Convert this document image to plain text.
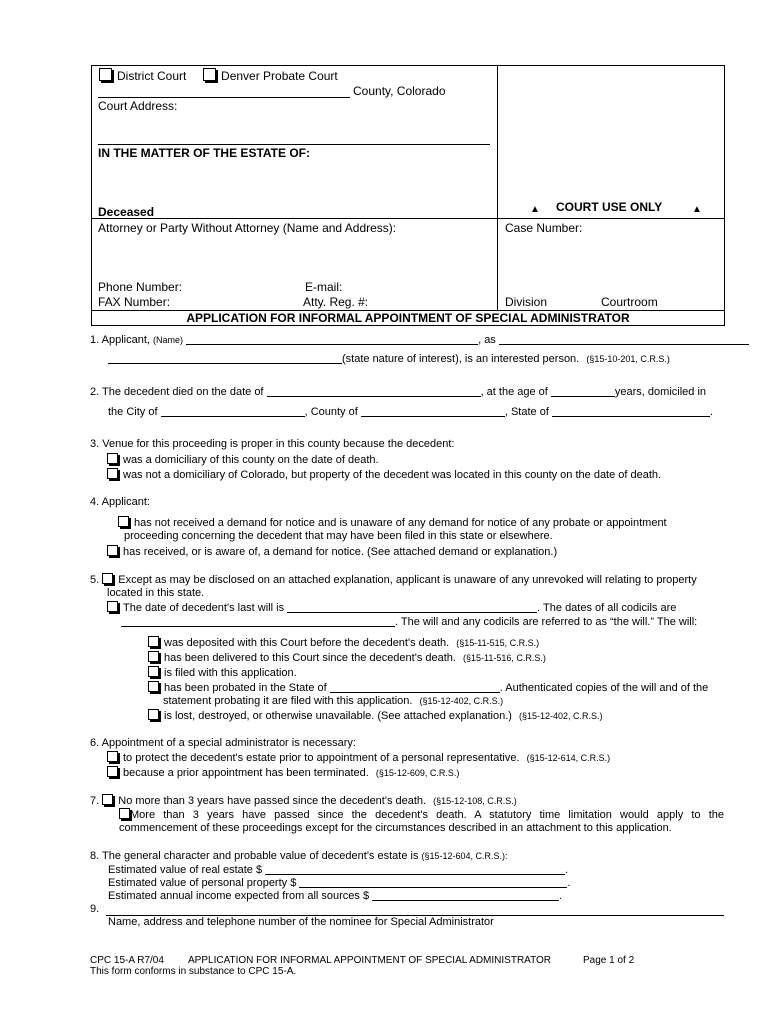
District Court	Denver Probate Court
County, Colorado
Court Address:
IN THE MATTER OF THE ESTATE OF:
Deceased	▲ COURT USE ONLY	▲
Attorney or Party Without Attorney (Name and Address):
Phone Number:	E-mail:
FAX Number:	Atty. Reg. #:
Case Number:
Division	Courtroom
APPLICATION FOR INFORMAL APPOINTMENT OF SPECIAL ADMINISTRATOR
1. Applicant, (Name)	, as
(state nature of interest), is an interested person. (§15-10-201, C.R.S.)
2. The decedent died on the date of	, at the age of	years, domiciled in
the City of	, County of	, State of	.
3. Venue for this proceeding is proper in this county because the decedent:
was a domiciliary of this county on the date of death.
was not a domiciliary of Colorado, but property of the decedent was located in this county on the date of death.
4. Applicant:
has not received a demand for notice and is unaware of any demand for notice of any probate or appointment
proceeding concerning the decedent that may have been filed in this state or elsewhere.
has received, or is aware of, a demand for notice. (See attached demand or explanation.)
5. Except as may be disclosed on an attached explanation, applicant is unaware of any unrevoked will relating to property
located in this state.
The date of decedent's last will is	. The dates of all codicils are
. The will and any codicils are referred to as “the will.” The will:
was deposited with this Court before the decedent's death. (§15-11-515, C.R.S.)
has been delivered to this Court since the decedent's death. (§15-11-516, C.R.S.)
is filed with this application.
has been probated in the State of	. Authenticated copies of the will and of the
statement probating it are filed with this application. (§15-12-402, C.R.S.)
is lost, destroyed, or otherwise unavailable. (See attached explanation.) (§15-12-402, C.R.S.)
6. Appointment of a special administrator is necessary:
to protect the decedent's estate prior to appointment of a personal representative. (§15-12-614, C.R.S.)
because a prior appointment has been terminated. (§15-12-609, C.R.S.)
7. No more than 3 years have passed since the decedent's death. (§15-12-108, C.R.S.)
More than 3 years have passed since the decedent's death. A statutory time limitation would apply to the
commencement of these proceedings except for the circumstances described in an attachment to this application.
8. The general character and probable value of decedent's estate is (§15-12-604, C.R.S.):
Estimated value of real estate $	.
Estimated value of personal property $	.
Estimated annual income expected from all sources $	.
9.
Name, address and telephone number of the nominee for Special Administrator
CPC 15-A R7/04 APPLICATION FOR INFORMAL APPOINTMENT OF SPECIAL ADMINISTRATOR	Page 1 of 2
This form conforms in substance to CPC 15-A.
